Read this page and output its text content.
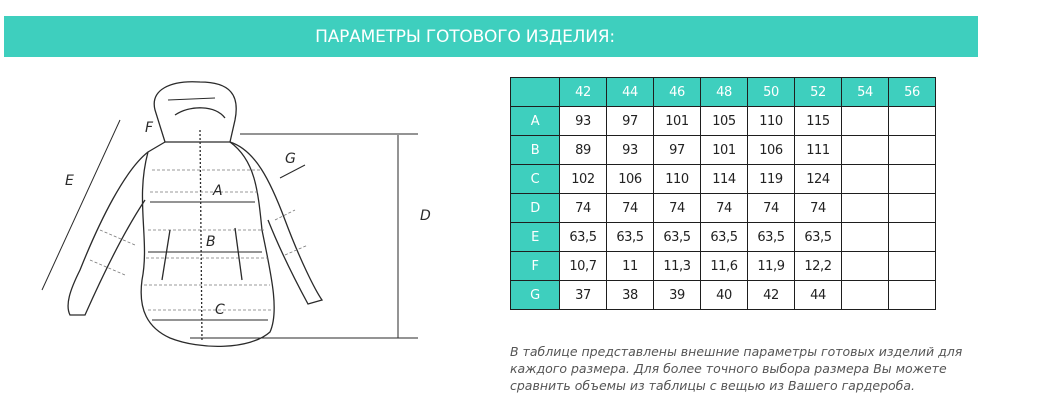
ПАРАМЕТРЫ ГОТОВОГО ИЗДЕЛИЯ:
A
B
C
D
E
F
G
	42	44	46	48	50	52	54	56
A	93	97	101	105	110	115		
B	89	93	97	101	106	111		
C	102	106	110	114	119	124		
D	74	74	74	74	74	74		
E	63,5	63,5	63,5	63,5	63,5	63,5		
F	10,7	11	11,3	11,6	11,9	12,2		
G	37	38	39	40	42	44		

В таблице представлены внешние параметры готовых изделий для каждого размера. Для более точного выбора размера Вы можете сравнить объемы из таблицы с вещью из Вашего гардероба.
